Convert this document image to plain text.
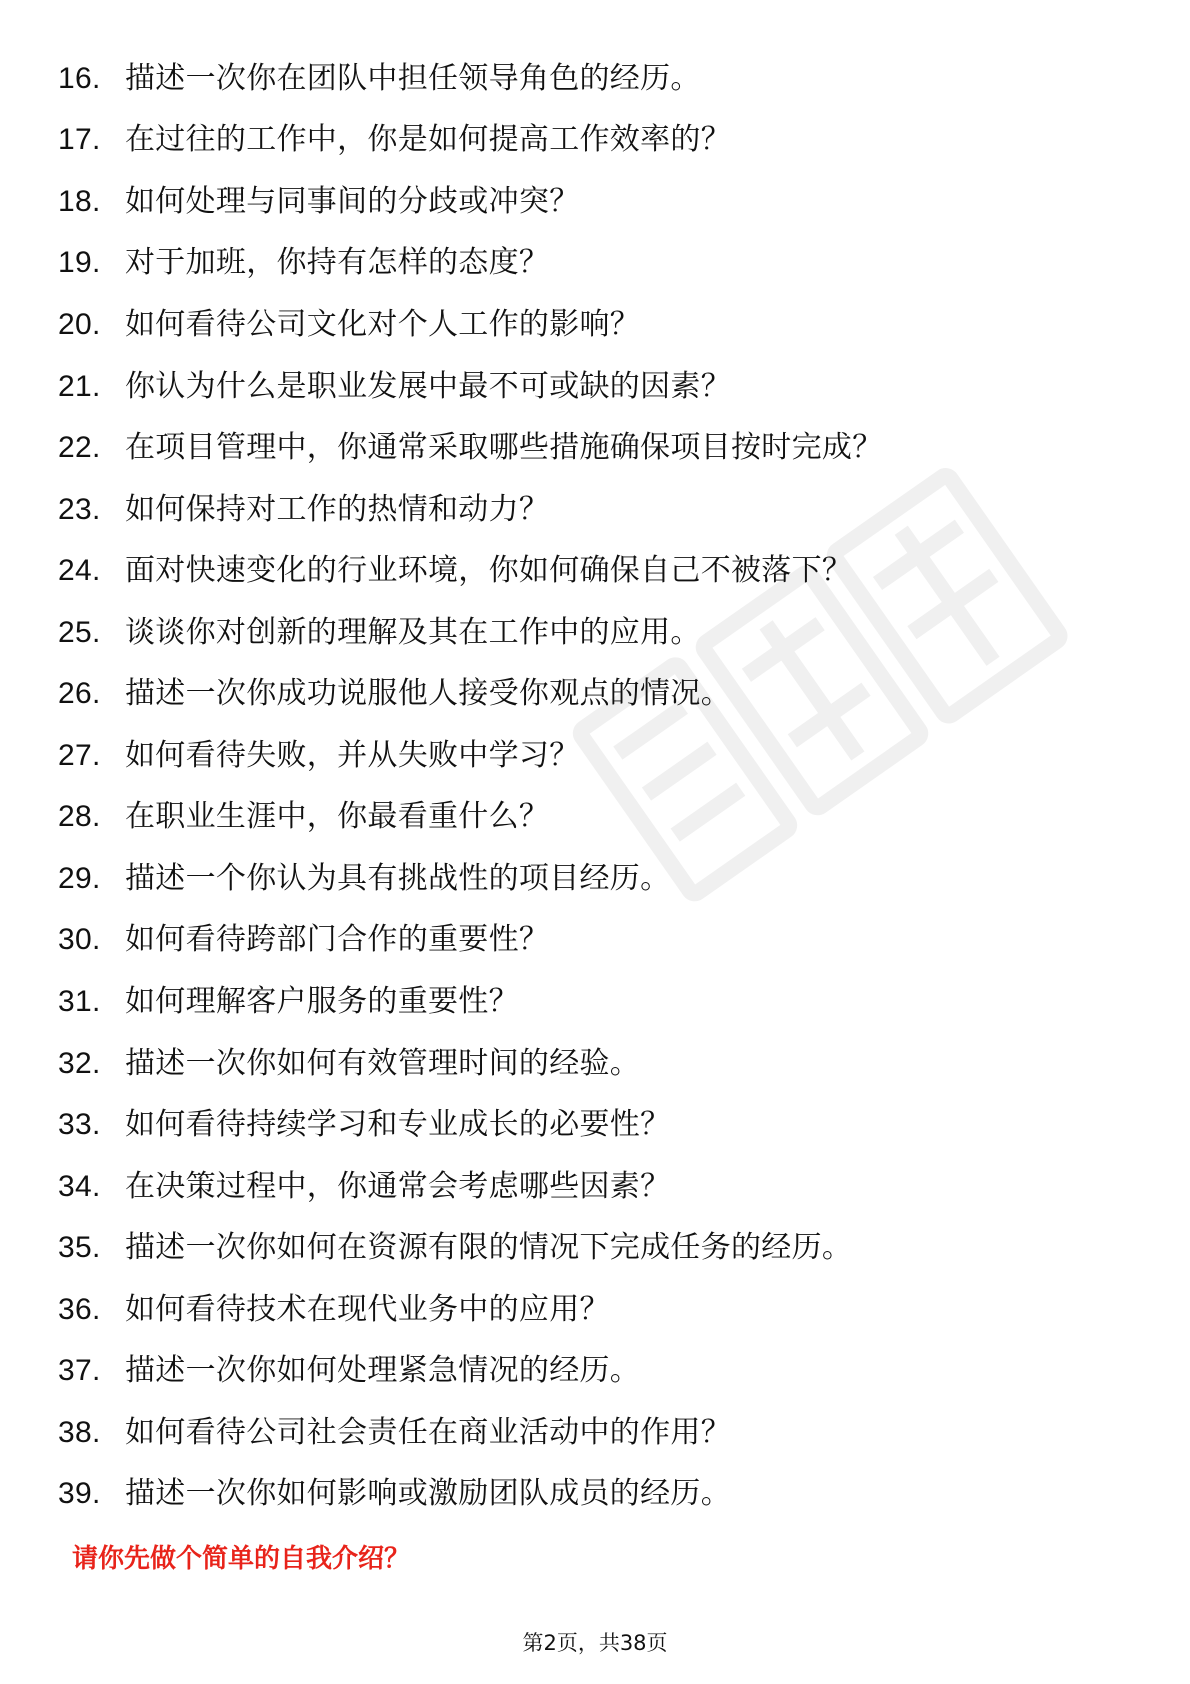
16. 描述一次你在团队中担任领导角色的经历。
17. 在过往的工作中，你是如何提高工作效率的？
18. 如何处理与同事间的分歧或冲突？
19. 对于加班，你持有怎样的态度？
20. 如何看待公司文化对个人工作的影响？
21. 你认为什么是职业发展中最不可或缺的因素？
22. 在项目管理中，你通常采取哪些措施确保项目按时完成？
23. 如何保持对工作的热情和动力？
24. 面对快速变化的行业环境，你如何确保自己不被落下？
25. 谈谈你对创新的理解及其在工作中的应用。
26. 描述一次你成功说服他人接受你观点的情况。
27. 如何看待失败，并从失败中学习？
28. 在职业生涯中，你最看重什么？
29. 描述一个你认为具有挑战性的项目经历。
30. 如何看待跨部门合作的重要性？
31. 如何理解客户服务的重要性？
32. 描述一次你如何有效管理时间的经验。
33. 如何看待持续学习和专业成长的必要性？
34. 在决策过程中，你通常会考虑哪些因素？
35. 描述一次你如何在资源有限的情况下完成任务的经历。
36. 如何看待技术在现代业务中的应用？
37. 描述一次你如何处理紧急情况的经历。
38. 如何看待公司社会责任在商业活动中的作用？
39. 描述一次你如何影响或激励团队成员的经历。
请你先做个简单的自我介绍？
第2页，共38页
